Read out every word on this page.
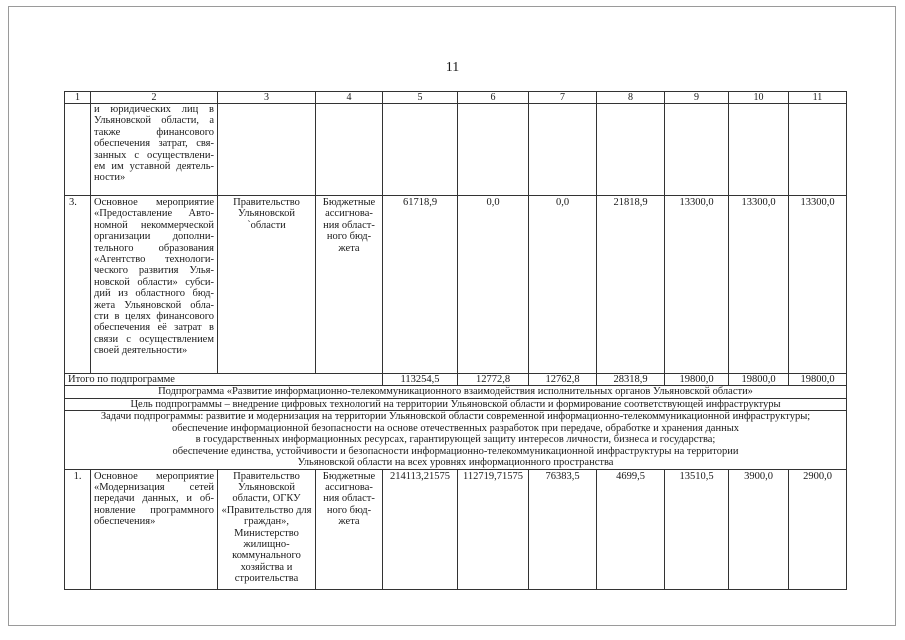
11
1	2	3	4	5	6	7	8	9	10	11
	и юридических лиц в Ульяновской области, а также финансового обеспечения затрат, свя-занных с осуществлени-ем им уставной деятель-ности»									
3.	Основное мероприятие «Предоставление Авто-номной некоммерческой организации дополни-тельного образования «Агентство технологи-ческого развития Улья-новской области» субси-дий из областного бюд-жета Ульяновской обла-сти в целях финансового обеспечения её затрат в связи с осуществлением своей деятельности»	Правительство Ульяновской `области	Бюджетные ассигнова-ния област-ного бюд-жета	61718,9	0,0	0,0	21818,9	13300,0	13300,0	13300,0
Итого по подпрограмме				113254,5	12772,8	12762,8	28318,9	19800,0	19800,0	19800,0
Подпрограмма «Развитие информационно-телекоммуникационного взаимодействия исполнительных органов Ульяновской области»										
Цель подпрограммы – внедрение цифровых технологий на территории Ульяновской области и формирование соответствующей инфраструктуры										

Задачи подпрограммы: развитие и модернизация на территории Ульяновской области современной информационно-телекоммуникационной инфраструктуры;
обеспечение информационной безопасности на основе отечественных разработок при передаче, обработке и хранения данных
в государственных информационных ресурсах, гарантирующей защиту интересов личности, бизнеса и государства;
обеспечение единства, устойчивости и безопасности информационно-телекоммуникационной инфраструктуры на территории
Ульяновской области на всех уровнях информационного пространства										

1.	Основное мероприятие «Модернизация сетей передачи данных, и об-новление программного обеспечения»	Правительство Ульяновской области, ОГКУ «Правительство для граждан», Министерство жилищно-коммунального хозяйства и строительства	Бюджетные ассигнова-ния област-ного бюд-жета	214113,21575	112719,71575	76383,5	4699,5	13510,5	3900,0	2900,0
